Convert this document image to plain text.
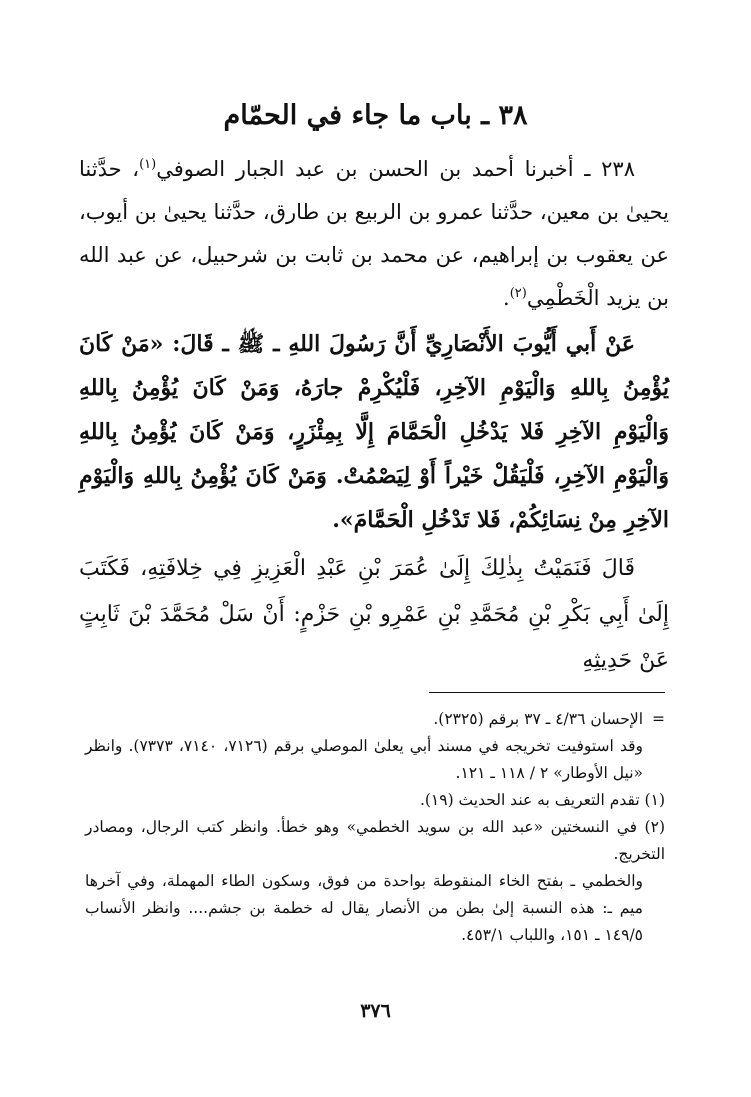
٣٨ ـ باب ما جاء في الحمّام
٢٣٨ ـ أخبرنا أحمد بن الحسن بن عبد الجبار الصوفي$^{(١)}$، حدَّثنا يحيىٰ بن معين، حدَّثنا عمرو بن الربيع بن طارق، حدَّثنا يحيىٰ بن أيوب، عن يعقوب بن إبراهيم، عن محمد بن ثابت بن شرحبيل، عن عبد الله بن يزيد الْخَطْمِي$^{(٢)}$.
عَنْ أَبي أَيُّوبَ الأَنْصَارِيِّ أَنَّ رَسُولَ اللهِ ـ ﷺ ـ قَالَ: «مَنْ كَانَ يُؤْمِنُ بِاللهِ وَالْيَوْمِ الآخِرِ، فَلْيُكْرِمْ جارَهُ، وَمَنْ كَانَ يُؤْمِنُ بِاللهِ وَالْيَوْمِ الآخِرِ فَلا يَدْخُلِ الْحَمَّامَ إِلَّا بِمِئْزَرٍ، وَمَنْ كَانَ يُؤْمِنُ بِاللهِ وَالْيَوْمِ الآخِرِ، فَلْيَقُلْ خَيْراً أَوْ لِيَصْمُتْ. وَمَنْ كَانَ يُؤْمِنُ بِاللهِ وَالْيَوْمِ الآخِرِ مِنْ نِسَائِكُمْ، فَلا تَدْخُلِ الْحَمَّامَ».
قَالَ فَنَمَيْتُ بِذٰلِكَ إِلَىٰ عُمَرَ بْنِ عَبْدِ الْعَزِيزِ فِي خِلافَتِهِ، فَكَتَبَ إِلَىٰ أَبِي بَكْرِ بْنِ مُحَمَّدِ بْنِ عَمْرِو بْنِ حَزْمٍ: أَنْ سَلْ مُحَمَّدَ بْنَ ثَابِتٍ عَنْ حَدِيثِهِ

=الإحسان ٤/٣٦ ـ ٣٧ برقم (٢٣٢٥).

وقد استوفيت تخريجه في مسند أبي يعلىٰ الموصلي برقم (٧١٢٦، ٧١٤٠، ٧٣٧٣). وانظر «نيل الأوطار» ٢ / ١١٨ ـ ١٢١.

(١) تقدم التعريف به عند الحديث (١٩).

(٢) في النسختين «عبد الله بن سويد الخطمي» وهو خطأ. وانظر كتب الرجال، ومصادر التخريج.

والخطمي ـ بفتح الخاء المنقوطة بواحدة من فوق، وسكون الطاء المهملة، وفي آخرها ميم ـ: هذه النسبة إلىٰ بطن من الأنصار يقال له خطمة بن جشم.... وانظر الأنساب ١٤٩/٥ ـ ١٥١، واللباب ٤٥٣/١.

٣٧٦
